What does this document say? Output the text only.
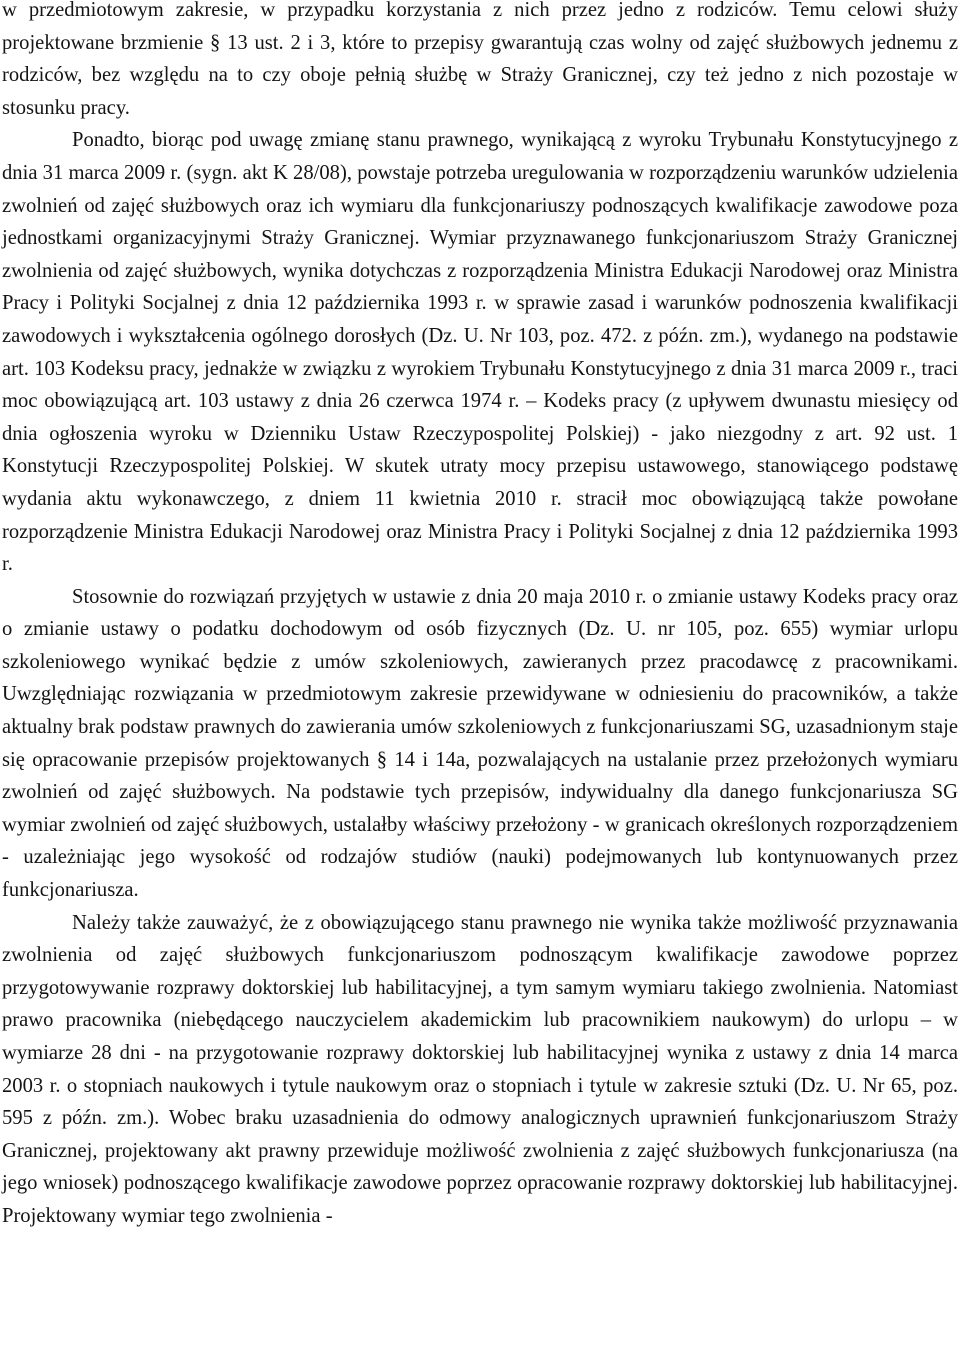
w przedmiotowym zakresie, w przypadku korzystania z nich przez jedno z rodziców. Temu celowi służy projektowane brzmienie § 13 ust. 2 i 3, które to przepisy gwarantują czas wolny od zajęć służbowych jednemu z rodziców, bez względu na to czy oboje pełnią służbę w Straży Granicznej, czy też jedno z nich pozostaje w stosunku pracy.

Ponadto, biorąc pod uwagę zmianę stanu prawnego, wynikającą z wyroku Trybunału Konstytucyjnego z dnia 31 marca 2009 r. (sygn. akt K 28/08), powstaje potrzeba uregulowania w rozporządzeniu warunków udzielenia zwolnień od zajęć służbowych oraz ich wymiaru dla funkcjonariuszy podnoszących kwalifikacje zawodowe poza jednostkami organizacyjnymi Straży Granicznej. Wymiar przyznawanego funkcjonariuszom Straży Granicznej zwolnienia od zajęć służbowych, wynika dotychczas z rozporządzenia Ministra Edukacji Narodowej oraz Ministra Pracy i Polityki Socjalnej z dnia 12 października 1993 r. w sprawie zasad i warunków podnoszenia kwalifikacji zawodowych i wykształcenia ogólnego dorosłych (Dz. U. Nr 103, poz. 472. z późn. zm.), wydanego na podstawie art. 103 Kodeksu pracy, jednakże w związku z wyrokiem Trybunału Konstytucyjnego z dnia 31 marca 2009 r., traci moc obowiązującą art. 103 ustawy z dnia 26 czerwca 1974 r. – Kodeks pracy (z upływem dwunastu miesięcy od dnia ogłoszenia wyroku w Dzienniku Ustaw Rzeczypospolitej Polskiej) - jako niezgodny z art. 92 ust. 1 Konstytucji Rzeczypospolitej Polskiej. W skutek utraty mocy przepisu ustawowego, stanowiącego podstawę wydania aktu wykonawczego, z dniem 11 kwietnia 2010 r. stracił moc obowiązującą także powołane rozporządzenie Ministra Edukacji Narodowej oraz Ministra Pracy i Polityki Socjalnej z dnia 12 października 1993 r.

Stosownie do rozwiązań przyjętych w ustawie z dnia 20 maja 2010 r. o zmianie ustawy Kodeks pracy oraz o zmianie ustawy o podatku dochodowym od osób fizycznych (Dz. U. nr 105, poz. 655) wymiar urlopu szkoleniowego wynikać będzie z umów szkoleniowych, zawieranych przez pracodawcę z pracownikami. Uwzględniając rozwiązania w przedmiotowym zakresie przewidywane w odniesieniu do pracowników, a także aktualny brak podstaw prawnych do zawierania umów szkoleniowych z funkcjonariuszami SG, uzasadnionym staje się opracowanie przepisów projektowanych § 14 i 14a, pozwalających na ustalanie przez przełożonych wymiaru zwolnień od zajęć służbowych. Na podstawie tych przepisów, indywidualny dla danego funkcjonariusza SG wymiar zwolnień od zajęć służbowych, ustalałby właściwy przełożony - w granicach określonych rozporządzeniem - uzależniając jego wysokość od rodzajów studiów (nauki) podejmowanych lub kontynuowanych przez funkcjonariusza.

Należy także zauważyć, że z obowiązującego stanu prawnego nie wynika także możliwość przyznawania zwolnienia od zajęć służbowych funkcjonariuszom podnoszącym kwalifikacje zawodowe poprzez przygotowywanie rozprawy doktorskiej lub habilitacyjnej, a tym samym wymiaru takiego zwolnienia. Natomiast prawo pracownika (niebędącego nauczycielem akademickim lub pracownikiem naukowym) do urlopu – w wymiarze 28 dni - na przygotowanie rozprawy doktorskiej lub habilitacyjnej wynika z ustawy z dnia 14 marca 2003 r. o stopniach naukowych i tytule naukowym oraz o stopniach i tytule w zakresie sztuki (Dz. U. Nr 65, poz. 595 z późn. zm.). Wobec braku uzasadnienia do odmowy analogicznych uprawnień funkcjonariuszom Straży Granicznej, projektowany akt prawny przewiduje możliwość zwolnienia z zajęć służbowych funkcjonariusza (na jego wniosek) podnoszącego kwalifikacje zawodowe poprzez opracowanie rozprawy doktorskiej lub habilitacyjnej. Projektowany wymiar tego zwolnienia -
